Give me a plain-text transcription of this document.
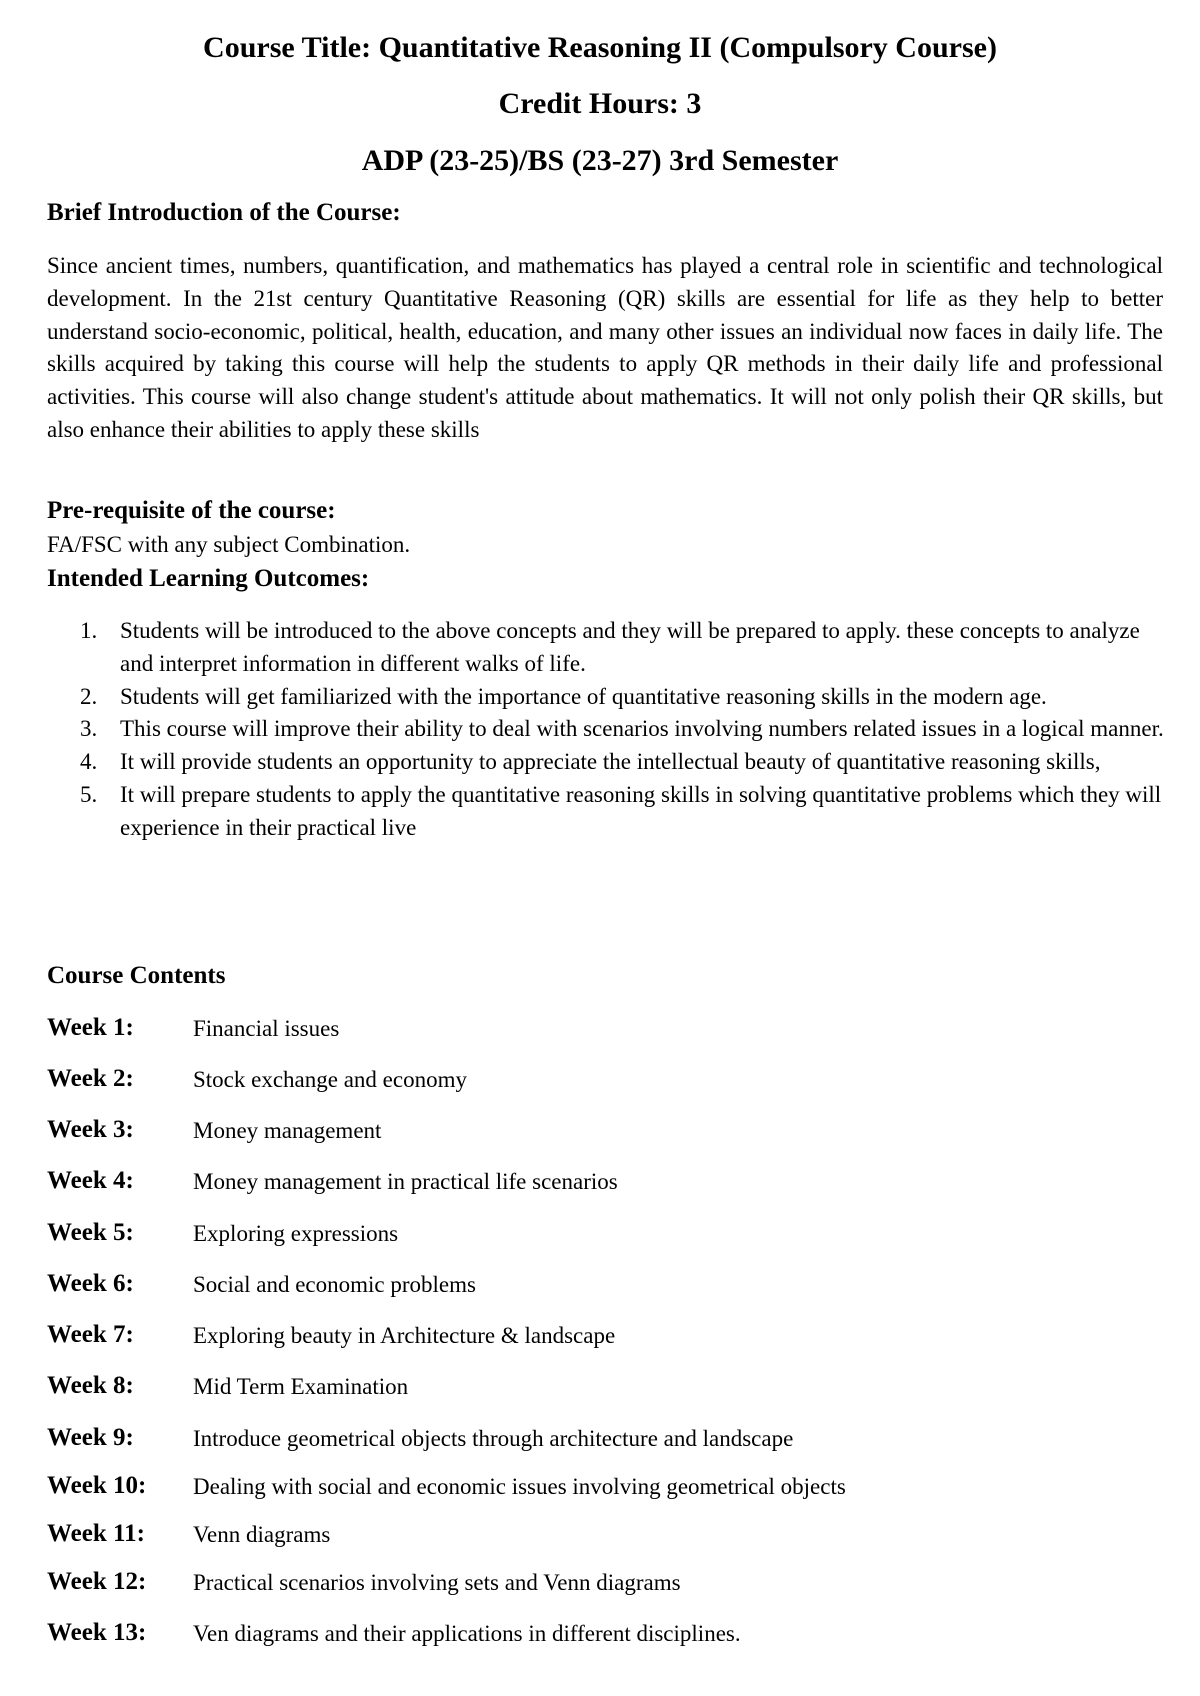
Course Title: Quantitative Reasoning II (Compulsory Course)
Credit Hours: 3
ADP (23-25)/BS (23-27) 3rd Semester
Brief Introduction of the Course:

Since ancient times, numbers, quantification, and mathematics has played a central role in scientific and technological development. In the 21st century Quantitative Reasoning (QR) skills are essential for life as they help to better understand socio-economic, political, health, education, and many other issues an individual now faces in daily life. The skills acquired by taking this course will help the students to apply QR methods in their daily life and professional activities. This course will also change student's attitude about mathematics. It will not only polish their QR skills, but also enhance their abilities to apply these skills

Pre-requisite of the course:

FA/FSC with any subject Combination.

Intended Learning Outcomes:
1. Students will be introduced to the above concepts and they will be prepared to apply. these concepts to analyze and interpret information in different walks of life.
2. Students will get familiarized with the importance of quantitative reasoning skills in the modern age.
3. This course will improve their ability to deal with scenarios involving numbers related issues in a logical manner.
4. It will provide students an opportunity to appreciate the intellectual beauty of quantitative reasoning skills,
5. It will prepare students to apply the quantitative reasoning skills in solving quantitative problems which they will experience in their practical live
Course Contents
Week 1:	Financial issues
Week 2:	Stock exchange and economy
Week 3:	Money management
Week 4:	Money management in practical life scenarios
Week 5:	Exploring expressions
Week 6:	Social and economic problems
Week 7:	Exploring beauty in Architecture & landscape
Week 8:	Mid Term Examination
Week 9:	Introduce geometrical objects through architecture and landscape
Week 10: Dealing with social and economic issues involving geometrical objects
Week 11: Venn diagrams
Week 12: Practical scenarios involving sets and Venn diagrams
Week 13: Ven diagrams and their applications in different disciplines.
